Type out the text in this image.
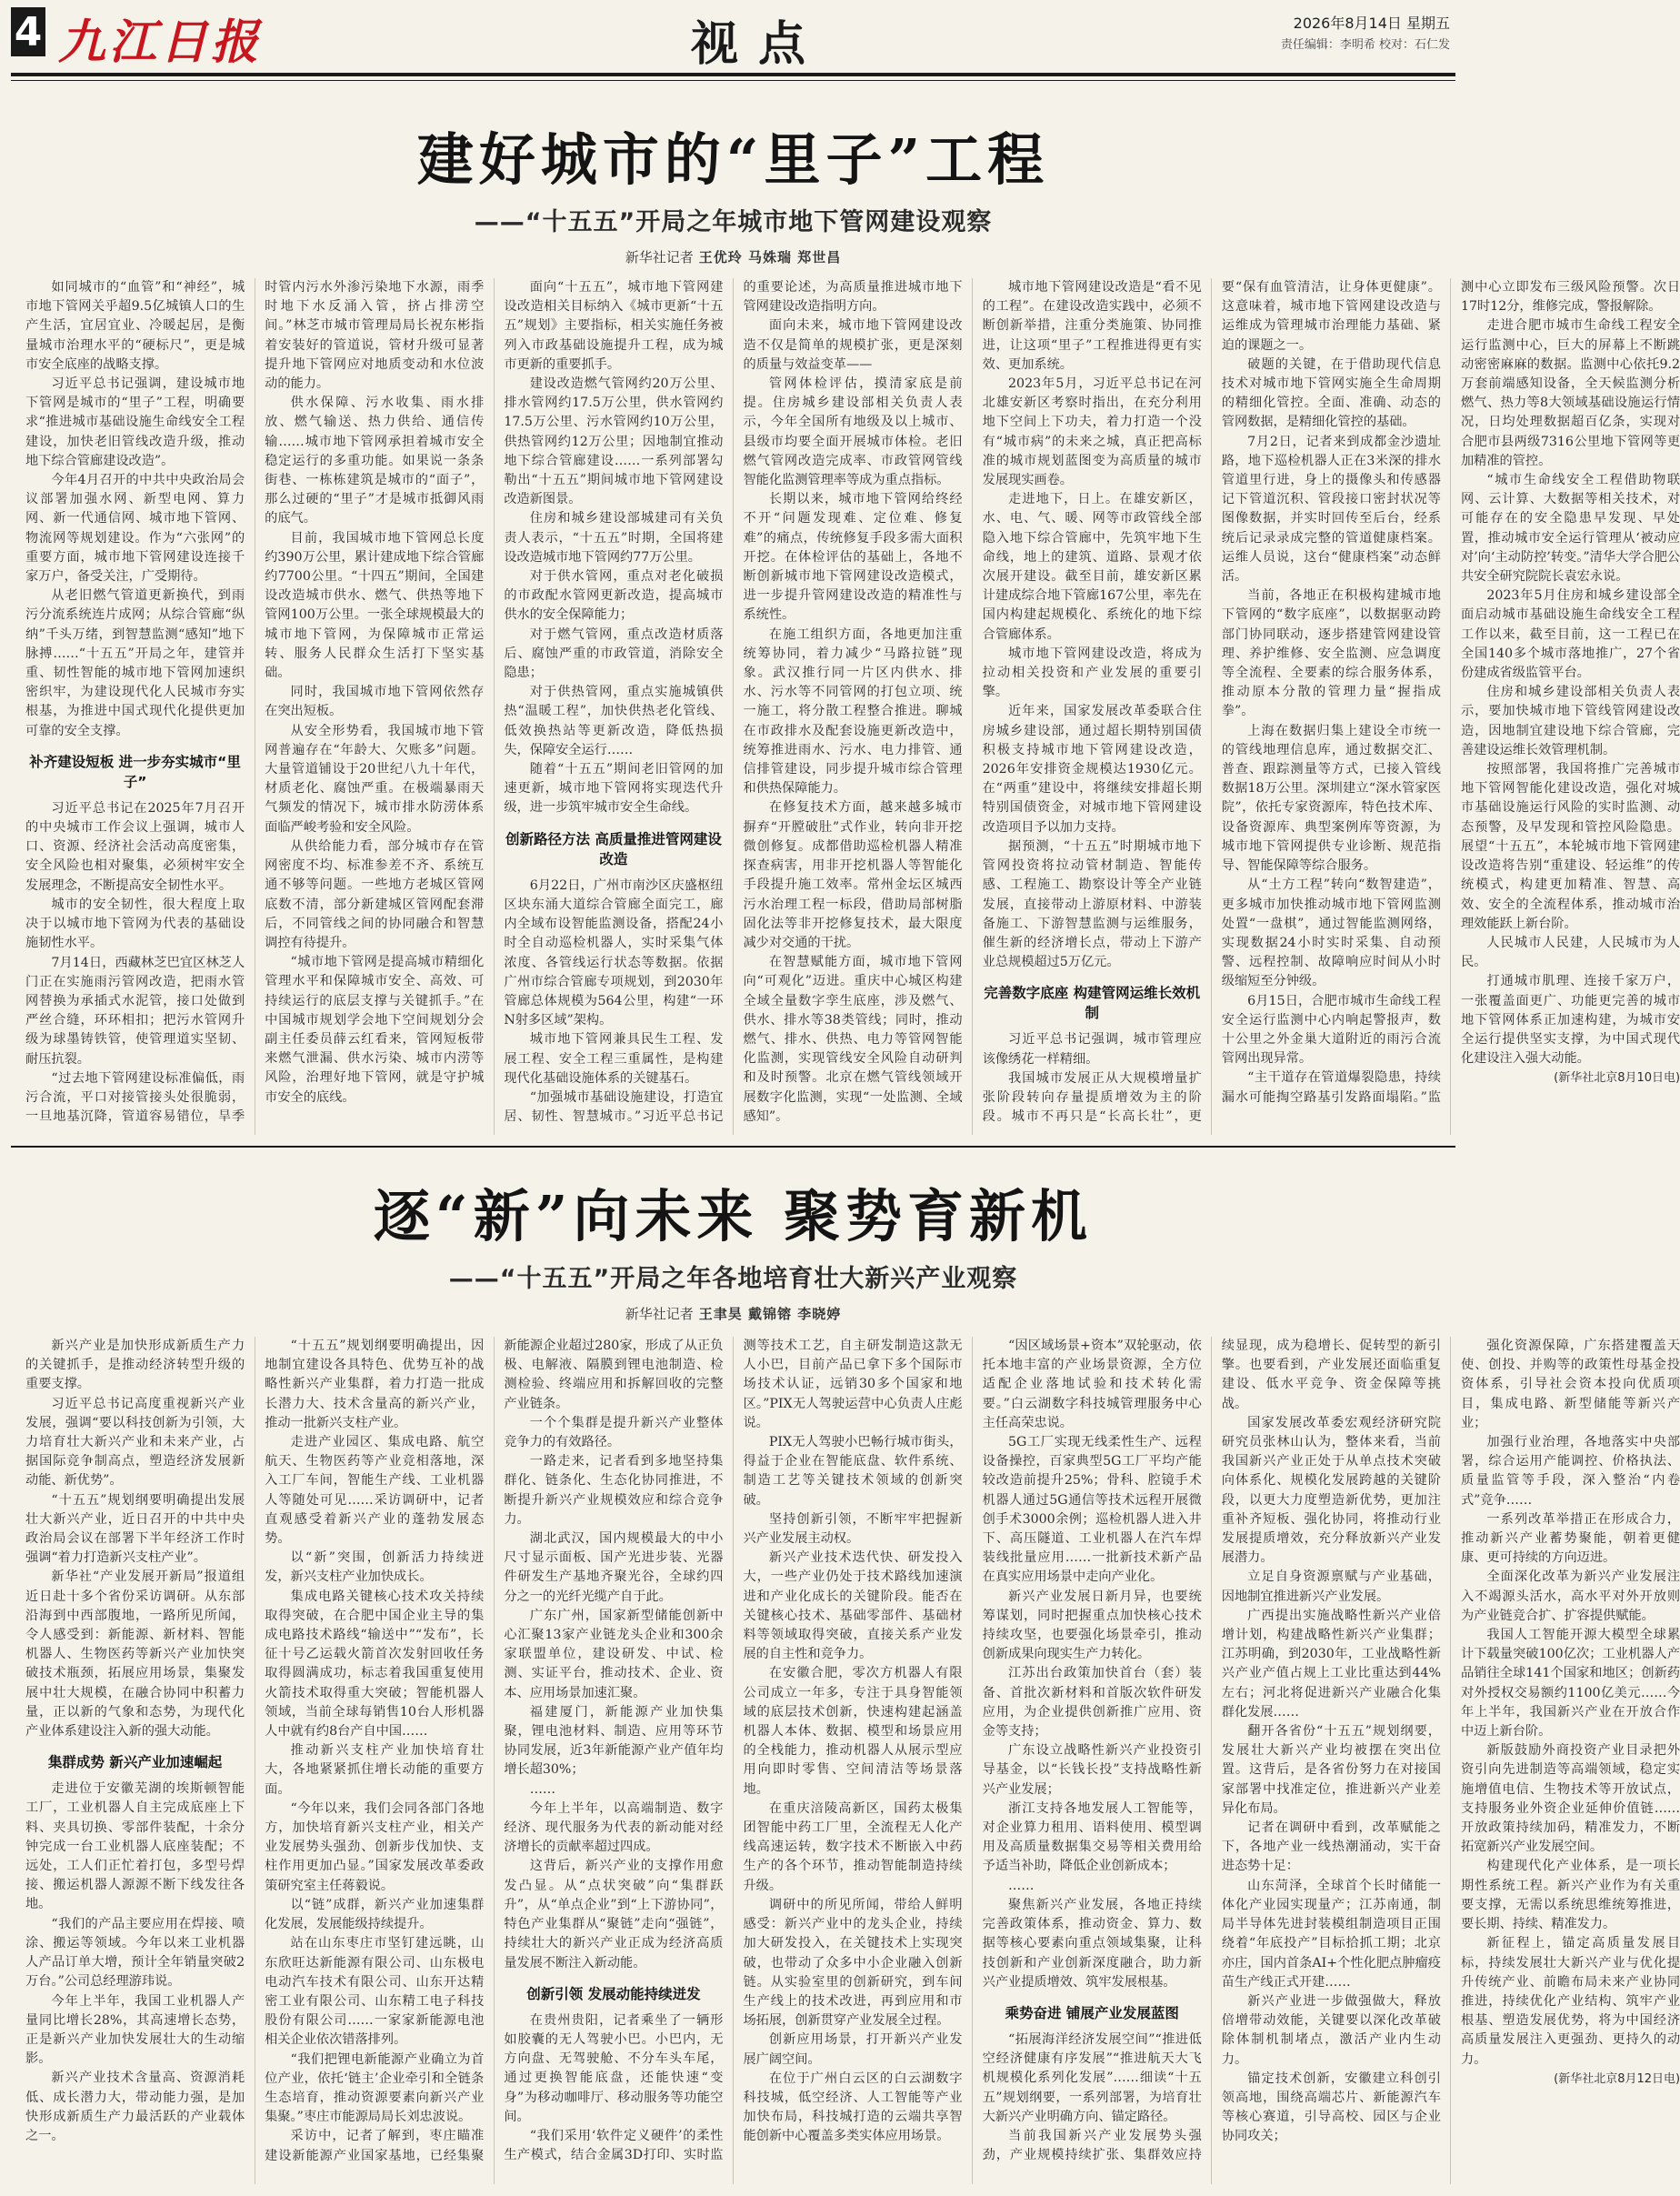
4 九江日报	视点	2026年8月14日 星期五
责任编辑：李明希 校对：石仁发
建好城市的“里子”工程
——“十五五”开局之年城市地下管网建设观察
新华社记者 王优玲 马姝瑞 郑世昌

如同城市的“血管”和“神经”，城市地下管网关乎超9.5亿城镇人口的生产生活，宜居宜业、冷暖起居，是衡量城市治理水平的“硬标尺”，更是城市安全底座的战略支撑。

习近平总书记强调，建设城市地下管网是城市的“里子”工程，明确要求“推进城市基础设施生命线安全工程建设，加快老旧管线改造升级，推动地下综合管廊建设改造”。

今年4月召开的中共中央政治局会议部署加强水网、新型电网、算力网、新一代通信网、城市地下管网、物流网等规划建设。作为“六张网”的重要方面，城市地下管网建设连接千家万户，备受关注，广受期待。

从老旧燃气管道更新换代，到雨污分流系统连片成网；从综合管廊“纵纳”千头万绪，到智慧监测“感知”地下脉搏……“十五五”开局之年，建管并重、韧性智能的城市地下管网加速织密织牢，为建设现代化人民城市夯实根基，为推进中国式现代化提供更加可靠的安全支撑。

补齐建设短板 进一步夯实城市“里子”

习近平总书记在2025年7月召开的中央城市工作会议上强调，城市人口、资源、经济社会活动高度密集，安全风险也相对聚集，必须树牢安全发展理念，不断提高安全韧性水平。

城市的安全韧性，很大程度上取决于以城市地下管网为代表的基础设施韧性水平。

7月14日，西藏林芝巴宜区林芝人门正在实施雨污管网改造，把雨水管网替换为承插式水泥管，接口处做到严丝合缝，环环相扣；把污水管网升级为球墨铸铁管，使管理道实坚韧、耐压抗裂。

“过去地下管网建设标准偏低，雨污合流，平口对接管接头处很脆弱，一旦地基沉降，管道容易错位，旱季时管内污水外渗污染地下水源，雨季时地下水反涌入管，挤占排涝空间。”林芝市城市管理局局长祝东彬指着安装好的管道说，管材升级可显著提升地下管网应对地质变动和水位波动的能力。

供水保障、污水收集、雨水排放、燃气输送、热力供给、通信传输……城市地下管网承担着城市安全稳定运行的多重功能。如果说一条条街巷、一栋栋建筑是城市的“面子”，那么过硬的“里子”才是城市抵御风雨的底气。

目前，我国城市地下管网总长度约390万公里，累计建成地下综合管廊约7700公里。“十四五”期间，全国建设改造城市供水、燃气、供热等地下管网100万公里。一张全球规模最大的城市地下管网，为保障城市正常运转、服务人民群众生活打下坚实基础。

同时，我国城市地下管网依然存在突出短板。

从安全形势看，我国城市地下管网普遍存在“年龄大、欠账多”问题。大量管道铺设于20世纪八九十年代，材质老化、腐蚀严重。在极端暴雨天气频发的情况下，城市排水防涝体系面临严峻考验和安全风险。

从供给能力看，部分城市存在管网密度不均、标准参差不齐、系统互通不够等问题。一些地方老城区管网底数不清，部分新建城区管网配套滞后，不同管线之间的协同融合和智慧调控有待提升。

“城市地下管网是提高城市精细化管理水平和保障城市安全、高效、可持续运行的底层支撑与关键抓手。”在中国城市规划学会地下空间规划分会副主任委员薛云红看来，管网短板带来燃气泄漏、供水污染、城市内涝等风险，治理好地下管网，就是守护城市安全的底线。

面向“十五五”，城市地下管网建设改造相关目标纳入《城市更新“十五五”规划》主要指标，相关实施任务被列入市政基础设施提升工程，成为城市更新的重要抓手。

建设改造燃气管网约20万公里、排水管网约17.5万公里，供水管网约17.5万公里、污水管网约10万公里，供热管网约12万公里；因地制宜推动地下综合管廊建设……一系列部署勾勒出“十五五”期间城市地下管网建设改造新图景。

住房和城乡建设部城建司有关负责人表示，“十五五”时期，全国将建设改造城市地下管网约77万公里。

对于供水管网，重点对老化破损的市政配水管网更新改造，提高城市供水的安全保障能力；

对于燃气管网，重点改造材质落后、腐蚀严重的市政管道，消除安全隐患；

对于供热管网，重点实施城镇供热“温暖工程”，加快供热老化管线、低效换热站等更新改造，降低热损失，保障安全运行……

随着“十五五”期间老旧管网的加速更新，城市地下管网将实现迭代升级，进一步筑牢城市安全生命线。

创新路径方法 高质量推进管网建设改造

6月22日，广州市南沙区庆盛枢纽区块东涌大道综合管廊全面完工，廊内全域布设智能监测设备，搭配24小时全自动巡检机器人，实时采集气体浓度、各管线运行状态等数据。依据广州市综合管廊专项规划，到2030年管廊总体规模为564公里，构建“一环N射多区域”架构。

城市地下管网兼具民生工程、发展工程、安全工程三重属性，是构建现代化基础设施体系的关键基石。

“加强城市基础设施建设，打造宜居、韧性、智慧城市。”习近平总书记的重要论述，为高质量推进城市地下管网建设改造指明方向。

面向未来，城市地下管网建设改造不仅是简单的规模扩张，更是深刻的质量与效益变革——

管网体检评估，摸清家底是前提。住房城乡建设部相关负责人表示，今年全国所有地级及以上城市、县级市均要全面开展城市体检。老旧燃气管网改造完成率、市政管网管线智能化监测管理率等成为重点指标。

长期以来，城市地下管网给终经不开“问题发现难、定位难、修复难”的痛点，传统修复手段多需大面积开挖。在体检评估的基础上，各地不断创新城市地下管网建设改造模式，进一步提升管网建设改造的精准性与系统性。

在施工组织方面，各地更加注重统筹协同，着力减少“马路拉链”现象。武汉推行同一片区内供水、排水、污水等不同管网的打包立项、统一施工，将分散工程整合推进。聊城在市政排水及配套设施更新改造中，统筹推进雨水、污水、电力排管、通信排管建设，同步提升城市综合管理和供热保障能力。

在修复技术方面，越来越多城市摒弃“开膛破肚”式作业，转向非开挖微创修复。成都借助巡检机器人精准探查病害，用非开挖机器人等智能化手段提升施工效率。常州金坛区城西污水治理工程一标段，借助局部树脂固化法等非开挖修复技术，最大限度减少对交通的干扰。

在智慧赋能方面，城市地下管网向“可观化”迈进。重庆中心城区构建全域全量数字孪生底座，涉及燃气、供水、排水等38类管线；同时，推动燃气、排水、供热、电力等管网智能化监测，实现管线安全风险自动研判和及时预警。北京在燃气管线领域开展数字化监测，实现“一处监测、全域感知”。

城市地下管网建设改造是“看不见的工程”。在建设改造实践中，必须不断创新举措，注重分类施策、协同推进，让这项“里子”工程推进得更有实效、更加系统。

2023年5月，习近平总书记在河北雄安新区考察时指出，在充分利用地下空间上下功夫，着力打造一个没有“城市病”的未来之城，真正把高标准的城市规划蓝图变为高质量的城市发展现实画卷。

走进地下，日上。在雄安新区，水、电、气、暖、网等市政管线全部隐入地下综合管廊中，先筑牢地下生命线，地上的建筑、道路、景观才依次展开建设。截至目前，雄安新区累计建成综合地下管廊167公里，率先在国内构建起规模化、系统化的地下综合管廊体系。

城市地下管网建设改造，将成为拉动相关投资和产业发展的重要引擎。

近年来，国家发展改革委联合住房城乡建设部，通过超长期特别国债积极支持城市地下管网建设改造，2026年安排资金规模达1930亿元。在“两重”建设中，将继续安排超长期特别国债资金，对城市地下管网建设改造项目予以加力支持。

据预测，“十五五”时期城市地下管网投资将拉动管材制造、智能传感、工程施工、勘察设计等全产业链发展，直接带动上游原材料、中游装备施工、下游智慧监测与运维服务，催生新的经济增长点，带动上下游产业总规模超过5万亿元。

完善数字底座 构建管网运维长效机制

习近平总书记强调，城市管理应该像绣花一样精细。

我国城市发展正从大规模增量扩张阶段转向存量提质增效为主的阶段。城市不再只是“长高长壮”，更要“保有血管清洁，让身体更健康”。这意味着，城市地下管网建设改造与运维成为管理城市治理能力基础、紧迫的课题之一。

破题的关键，在于借助现代信息技术对城市地下管网实施全生命周期的精细化管控。全面、准确、动态的管网数据，是精细化管控的基础。

7月2日，记者来到成都金沙遗址路，地下巡检机器人正在3米深的排水管道里行进，身上的摄像头和传感器记下管道沉积、管段接口密封状况等图像数据，并实时回传至后台，经系统后记录录成完整的管道健康档案。运维人员说，这台“健康档案”动态鲜活。

当前，各地正在积极构建城市地下管网的“数字底座”，以数据驱动跨部门协同联动，逐步搭建管网建设管理、养护维修、安全监测、应急调度等全流程、全要素的综合服务体系，推动原本分散的管理力量“握指成拳”。

上海在数据归集上建设全市统一的管线地理信息库，通过数据交汇、普查、跟踪测量等方式，已接入管线数据18万公里。深圳建立“深水管家医院”，依托专家资源库，特色技术库、设备资源库、典型案例库等资源，为城市地下管网提供专业诊断、规范指导、智能保障等综合服务。

从“土方工程”转向“数智建造”，更多城市加快推动城市地下管网监测处置“一盘棋”，通过智能监测网络，实现数据24小时实时采集、自动预警、远程控制、故障响应时间从小时级缩短至分钟级。

6月15日，合肥市城市生命线工程安全运行监测中心内响起警报声，数十公里之外金巢大道附近的雨污合流管网出现异常。

“主干道存在管道爆裂隐患，持续漏水可能掏空路基引发路面塌陷。”监测中心立即发布三级风险预警。次日17时12分，维修完成，警报解除。

走进合肥市城市生命线工程安全运行监测中心，巨大的屏幕上不断跳动密密麻麻的数据。监测中心依托9.2万套前端感知设备，全天候监测分析燃气、热力等8大领域基础设施运行情况，日均处理数据超百亿条，实现对合肥市县两级7316公里地下管网等更加精准的管控。

“城市生命线安全工程借助物联网、云计算、大数据等相关技术，对可能存在的安全隐患早发现、早处置，推动城市安全运行管理从‘被动应对’向‘主动防控’转变。”清华大学合肥公共安全研究院院长袁宏永说。

2023年5月住房和城乡建设部全面启动城市基础设施生命线安全工程工作以来，截至目前，这一工程已在全国140多个城市落地推广，27个省份建成省级监管平台。

住房和城乡建设部相关负责人表示，要加快城市地下管线管网建设改造，因地制宜建设地下综合管廊，完善建设运维长效管理机制。

按照部署，我国将推广完善城市地下管网智能化建设改造，强化对城市基础设施运行风险的实时监测、动态预警，及早发现和管控风险隐患。展望“十五五”，本轮城市地下管网建设改造将告别“重建设、轻运维”的传统模式，构建更加精准、智慧、高效、安全的全流程体系，推动城市治理效能跃上新台阶。

人民城市人民建，人民城市为人民。

打通城市肌理、连接千家万户，一张覆盖面更广、功能更完善的城市地下管网体系正加速构建，为城市安全运行提供坚实支撑，为中国式现代化建设注入强大动能。

(新华社北京8月10日电)

逐“新”向未来 聚势育新机
——“十五五”开局之年各地培育壮大新兴产业观察
新华社记者 王聿昊 戴锦镕 李晓婷

新兴产业是加快形成新质生产力的关键抓手，是推动经济转型升级的重要支撑。

习近平总书记高度重视新兴产业发展，强调“要以科技创新为引领，大力培育壮大新兴产业和未来产业，占据国际竞争制高点，塑造经济发展新动能、新优势”。

“十五五”规划纲要明确提出发展壮大新兴产业，近日召开的中共中央政治局会议在部署下半年经济工作时强调“着力打造新兴支柱产业”。

新华社“产业发展开新局”报道组近日赴十多个省份采访调研。从东部沿海到中西部腹地，一路所见所闻，令人感受到：新能源、新材料、智能机器人、生物医药等新兴产业加快突破技术瓶颈，拓展应用场景，集聚发展中壮大规模，在融合协同中积蓄力量，正以新的气象和态势，为现代化产业体系建设注入新的强大动能。

集群成势 新兴产业加速崛起

走进位于安徽芜湖的埃斯顿智能工厂，工业机器人自主完成底座上下料、夹具切换、零部件装配，十余分钟完成一台工业机器人底座装配；不远处，工人们正忙着打包，多型号焊接、搬运机器人源源不断下线发往各地。

“我们的产品主要应用在焊接、喷涂、搬运等领域。今年以来工业机器人产品订单大增，预计全年销量突破2万台。”公司总经理游玮说。

今年上半年，我国工业机器人产量同比增长28%，其高速增长态势，正是新兴产业加快发展壮大的生动缩影。

新兴产业技术含量高、资源消耗低、成长潜力大，带动能力强，是加快形成新质生产力最活跃的产业载体之一。

“十五五”规划纲要明确提出，因地制宜建设各具特色、优势互补的战略性新兴产业集群，着力打造一批成长潜力大、技术含量高的新兴产业，推动一批新兴支柱产业。

走进产业园区、集成电路、航空航天、生物医药等产业竞相落地，深入工厂车间，智能生产线、工业机器人等随处可见……采访调研中，记者直观感受着新兴产业的蓬勃发展态势。

以“新”突围，创新活力持续迸发，新兴支柱产业加快成长。

集成电路关键核心技术攻关持续取得突破，在合肥中国企业主导的集成电路技术路线“输送中”“发布”，长征十号乙运载火箭首次发射回收任务取得圆满成功，标志着我国重复使用火箭技术取得重大突破；智能机器人领域，当前全球每销售10台人形机器人中就有约8台产自中国……

推动新兴支柱产业加快培育壮大，各地紧紧抓住增长动能的重要方面。

“今年以来，我们会同各部门各地方，加快培育新兴支柱产业，相关产业发展势头强劲、创新步伐加快、支柱作用更加凸显。”国家发展改革委政策研究室主任蒋毅说。

以“链”成群，新兴产业加速集群化发展，发展能级持续提升。

站在山东枣庄市坚钉建远眺，山东欣旺达新能源有限公司、山东极电电动汽车技术有限公司、山东开达精密工业有限公司、山东精工电子科技股份有限公司……一家家新能源电池相关企业依次错落排列。

“我们把锂电新能源产业确立为首位产业，依托‘链主’企业牵引和全链条生态培育，推动资源要素向新兴产业集聚。”枣庄市能源局局长刘忠波说。

采访中，记者了解到，枣庄瞄准建设新能源产业国家基地，已经集聚新能源企业超过280家，形成了从正负极、电解液、隔膜到锂电池制造、检测检验、终端应用和拆解回收的完整产业链条。

一个个集群是提升新兴产业整体竞争力的有效路径。

一路走来，记者看到多地坚持集群化、链条化、生态化协同推进，不断提升新兴产业规模效应和综合竞争力。

湖北武汉，国内规模最大的中小尺寸显示面板、国产光进步装、光器件研发生产基地齐聚光谷，全球约四分之一的光纤光缆产自于此。

广东广州，国家新型储能创新中心汇聚13家产业链龙头企业和300余家联盟单位，建设研发、中试、检测、实证平台，推动技术、企业、资本、应用场景加速汇聚。

福建厦门，新能源产业加快集聚，锂电池材料、制造、应用等环节协同发展，近3年新能源产业产值年均增长超30%；

……

今年上半年，以高端制造、数字经济、现代服务为代表的新动能对经济增长的贡献率超过四成。

这背后，新兴产业的支撑作用愈发凸显。从“点状突破”向“集群跃升”，从“单点企业”到“上下游协同”，特色产业集群从“聚链”走向“强链”，持续壮大的新兴产业正成为经济高质量发展不断注入新动能。

创新引领 发展动能持续迸发

在贵州贵阳，记者乘坐了一辆形如胶囊的无人驾驶小巴。小巴内，无方向盘、无驾驶舱、不分车头车尾，通过更换智能底盘，还能快速“变身”为移动咖啡厅、移动服务等功能空间。

“我们采用‘软件定义硬件’的柔性生产模式，结合金属3D打印、实时监测等技术工艺，自主研发制造这款无人小巴，目前产品已拿下多个国际市场技术认证，远销30多个国家和地区。”PIX无人驾驶运营中心负责人庄彪说。

PIX无人驾驶小巴畅行城市街头，得益于企业在智能底盘、软件系统、制造工艺等关键技术领域的创新突破。

坚持创新引领，不断牢牢把握新兴产业发展主动权。

新兴产业技术迭代快、研发投入大，一些产业仍处于技术路线加速演进和产业化成长的关键阶段。能否在关键核心技术、基础零部件、基础材料等领域取得突破，直接关系产业发展的自主性和竞争力。

在安徽合肥，零次方机器人有限公司成立一年多，专注于具身智能领域的底层技术创新，快速构建起涵盖机器人本体、数据、模型和场景应用的全栈能力，推动机器人从展示型应用向即时零售、空间清洁等场景落地。

在重庆涪陵高新区，国药太极集团智能中药工厂里，全流程无人化产线高速运转，数字技术不断嵌入中药生产的各个环节，推动智能制造持续升级。

调研中的所见所闻，带给人鲜明感受：新兴产业中的龙头企业，持续加大研发投入，在关键技术上实现突破，也带动了众多中小企业融入创新链。从实验室里的创新研究，到车间生产线上的技术改进，再到应用和市场拓展，创新贯穿产业发展全过程。

创新应用场景，打开新兴产业发展广阔空间。

在位于广州白云区的白云湖数字科技城，低空经济、人工智能等产业加快布局，科技城打造的云端共享智能创新中心覆盖多类实体应用场景。

“因区域场景+资本”双轮驱动，依托本地丰富的产业场景资源，全方位适配企业落地试验和技术转化需要。”白云湖数字科技城管理服务中心主任高荣忠说。

5G工厂实现无线柔性生产、远程设备操控，百家典型5G工厂平均产能较改造前提升25%；骨科、腔镜手术机器人通过5G通信等技术远程开展微创手术3000余例；巡检机器人进入井下、高压隧道、工业机器人在汽车焊装线批量应用……一批新技术新产品在真实应用场景中走向产业化。

新兴产业发展日新月异，也要统筹谋划，同时把握重点加快核心技术持续攻坚，也要强化场景牵引，推动创新成果向现实生产力转化。

江苏出台政策加快首台（套）装备、首批次新材料和首版次软件研发应用，为企业提供创新推广应用、资金等支持；

广东设立战略性新兴产业投资引导基金，以“长钱长投”支持战略性新兴产业发展；

浙江支持各地发展人工智能等，对企业算力租用、语料使用、模型调用及高质量数据集交易等相关费用给予适当补助，降低企业创新成本；

……

聚焦新兴产业发展，各地正持续完善政策体系，推动资金、算力、数据等核心要素向重点领域集聚，让科技创新和产业创新深度融合，助力新兴产业提质增效、筑牢发展根基。

乘势奋进 铺展产业发展蓝图

“拓展海洋经济发展空间”“推进低空经济健康有序发展”“推进航天大飞机规模化系列化发展”……细读“十五五”规划纲要，一系列部署，为培育壮大新兴产业明确方向、锚定路径。

当前我国新兴产业发展势头强劲，产业规模持续扩张、集群效应持续显现，成为稳增长、促转型的新引擎。也要看到，产业发展还面临重复建设、低水平竞争、资金保障等挑战。

国家发展改革委宏观经济研究院研究员张林山认为，整体来看，当前我国新兴产业正处于从单点技术突破向体系化、规模化发展跨越的关键阶段，以更大力度塑造新优势，更加注重补齐短板、强化协同，将推动行业发展提质增效，充分释放新兴产业发展潜力。

立足自身资源禀赋与产业基础，因地制宜推进新兴产业发展。

广西提出实施战略性新兴产业倍增计划，构建战略性新兴产业集群；江苏明确，到2030年，工业战略性新兴产业产值占规上工业比重达到44%左右；河北将促进新兴产业融合化集群化发展……

翻开各省份“十五五”规划纲要，发展壮大新兴产业均被摆在突出位置。这背后，是各省份努力在对接国家部署中找准定位，推进新兴产业差异化布局。

记者在调研中看到，改革赋能之下，各地产业一线热潮涌动，实干奋进态势十足：

山东菏泽，全球首个长时储能一体化产业园实现量产；江苏南通，制局半导体先进封装模组制造项目正围绕着“年底投产”目标拾抓工期；北京亦庄，国内首条AI+个性化肥点肿瘤疫苗生产线正式开建……

新兴产业进一步做强做大，释放倍增带动效能，关键要以深化改革破除体制机制堵点，激活产业内生动力。

锚定技术创新，安徽建立科创引领高地，围绕高端芯片、新能源汽车等核心赛道，引导高校、园区与企业协同攻关；

强化资源保障，广东搭建覆盖天使、创投、并购等的政策性母基金投资体系，引导社会资本投向优质项目，集成电路、新型储能等新兴产业；

加强行业治理，各地落实中央部署，综合运用产能调控、价格执法、质量监管等手段，深入整治“内卷式”竞争……

一系列改革举措正在形成合力，推动新兴产业蓄势聚能，朝着更健康、更可持续的方向迈进。

全面深化改革为新兴产业发展注入不竭源头活水，高水平对外开放则为产业链竞合扩、扩容提供赋能。

我国人工智能开源大模型全球累计下载量突破100亿次；工业机器人产品销往全球141个国家和地区；创新药对外授权交易额约1100亿美元……今年上半年，我国新兴产业在开放合作中迈上新台阶。

新版鼓励外商投资产业目录把外资引向先进制造等高端领域，稳定实施增值电信、生物技术等开放试点，支持服务业外资企业延伸价值链……开放政策持续加码，精准发力，不断拓宽新兴产业发展空间。

构建现代化产业体系，是一项长期性系统工程。新兴产业作为有关重要支撑，无需以系统思维统筹推进，要长期、持续、精准发力。

新征程上，锚定高质量发展目标，持续发展壮大新兴产业与优化提升传统产业、前瞻布局未来产业协同推进，持续优化产业结构、筑牢产业根基、塑造发展优势，将为中国经济高质量发展注入更强劲、更持久的动力。

(新华社北京8月12日电)
